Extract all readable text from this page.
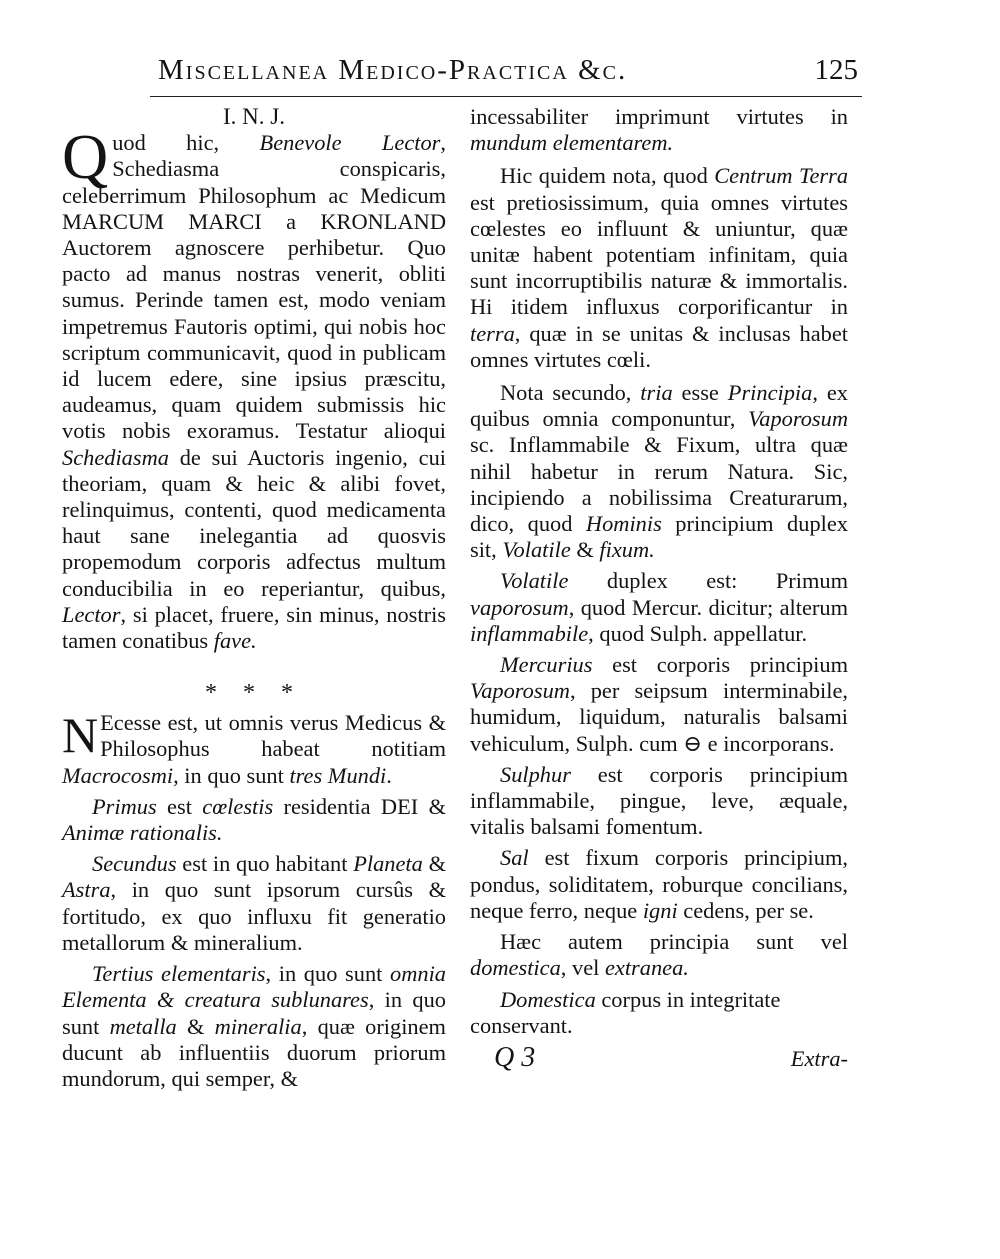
Miscellanea Medico-Practica &c.	125

I. N. J.

Quod hic, Benevole Lector, Schediasma conspicaris, celeberrimum Philosophum ac Medicum MARCUM MARCI a KRONLAND Auctorem agnoscere perhibetur. Quo pacto ad manus nostras venerit, obliti sumus. Perinde tamen est, modo veniam impetremus Fautoris optimi, qui nobis hoc scriptum communicavit, quod in publicam id lucem edere, sine ipsius præscitu, audeamus, quam quidem submissis hic votis nobis exoramus. Testatur alioqui Schediasma de sui Auctoris ingenio, cui theoriam, quam & heic & alibi fovet, relinquimus, contenti, quod medicamenta haut sane inelegantia ad quosvis propemodum corporis adfectus multum conducibilia in eo reperiantur, quibus, Lector, si placet, fruere, sin minus, nostris tamen conatibus fave.

* * *

N Ecesse est, ut omnis verus Medicus & Philosophus habeat notitiam Macrocosmi, in quo sunt tres Mundi.

Primus est cœlestis residentia DEI & Animæ rationalis.

Secundus est in quo habitant Planeta & Astra, in quo sunt ipsorum cursûs & fortitudo, ex quo influxu fit generatio metallorum & mineralium.

Tertius elementaris, in quo sunt omnia Elementa & creatura sublunares, in quo sunt metalla & mineralia, quæ originem ducunt ab influentiis duorum priorum mundorum, qui semper, &

incessabiliter imprimunt virtutes in mundum elementarem.

Hic quidem nota, quod Centrum Terra est pretiosissimum, quia omnes virtutes cœlestes eo influunt & uniuntur, quæ unitæ habent potentiam infinitam, quia sunt incorruptibilis naturæ & immortalis. Hi itidem influxus corporificantur in terra, quæ in se unitas & inclusas habet omnes virtutes cœli.

Nota secundo, tria esse Principia, ex quibus omnia componuntur, Vaporosum sc. Inflammabile & Fixum, ultra quæ nihil habetur in rerum Natura. Sic, incipiendo a nobilissima Creaturarum, dico, quod Hominis principium duplex sit, Volatile & fixum.

Volatile duplex est: Primum vaporosum, quod Mercur. dicitur; alterum inflammabile, quod Sulph. appellatur.

Mercurius est corporis principium Vaporosum, per seipsum interminabile, humidum, liquidum, naturalis balsami vehiculum, Sulph. cum ⊖ e incorporans.

Sulphur est corporis principium inflammabile, pingue, leve, æquale, vitalis balsami fomentum.

Sal est fixum corporis principium, pondus, soliditatem, roburque concilians, neque ferro, neque igni cedens, per se.

Hæc autem principia sunt vel domestica, vel extranea.

Domestica corpus in integritate conservant.

Q 3	Extra-
